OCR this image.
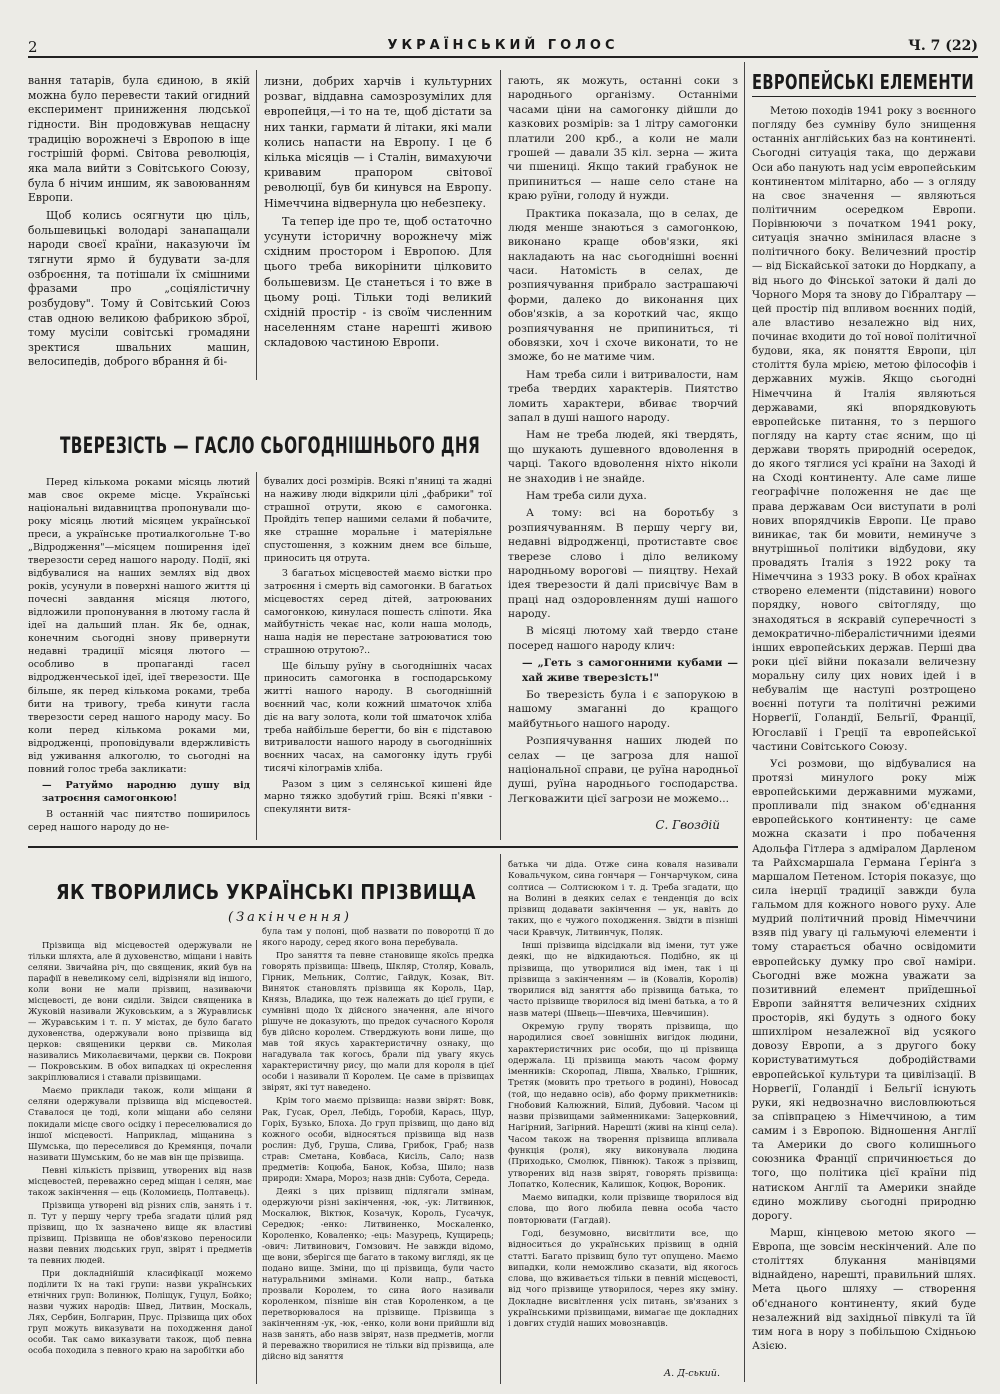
2	УКРАЇНСЬКИЙ ГОЛОС	Ч. 7 (22)

вання татарів, була єдиною, в якій можна було перевести такий огидний експеримент приниження людської гідности. Він продовжував нещасну традицію ворожнечі з Европою в іще гострішій формі. Світова революція, яка мала вийти з Совітського Союзу, була б нічим иншим, як завоюванням Европи.

Щоб колись осягнути цю ціль, большевицькі володарі занапащали народи своєї країни, наказуючи їм тягнути ярмо й будувати за-для озброєння, та потішали їх смішними фразами про „соціялістичну розбудову". Тому й Совітський Союз став одною великою фабрикою зброї, тому мусіли совітські громадяни зректися швальних машин, велосипедів, доброго вбрання й бі-

лизни, добрих харчів і культурних розваг, віддавна самозрозумілих для европейця,—і то на те, щоб дістати за них танки, гармати й літаки, які мали колись напасти на Европу. І це б кілька місяців — і Сталін, вимахуючи кривавим прапором світової революції, був би кинувся на Европу. Німеччина відвернула цю небезпеку.

Та тепер іде про те, щоб остаточно усунути історичну ворожнечу між східним простором і Европою. Для цього треба викорінити цілковито большевизм. Це станеться і то вже в цьому році. Тільки тоді великий східній простір - із своїм численним населенням стане нарешті живою складовою частиною Европи.

ТВЕРЕЗІСТЬ — ГАСЛО СЬОГОДНІШНЬОГО ДНЯ

Перед кількома роками місяць лютий мав своє окреме місце. Українські національні видавництва пропонували що-року місяць лютий місяцем української преси, а українське протиалкогольне Т-во „Відродження"—місяцем поширення ідеї тверезости серед нашого народу. Події, які відбувалися на наших землях від двох років, усунули в поверхні нашого життя ці почесні завдання місяця лютого, відложили пропонування в лютому гасла й ідеї на дальший план. Як бе, однак, конечним сьогодні знову привернути недавні традиції місяця лютого — особливо в пропаганді гасел відродженчеської ідеї, ідеї тверезости. Ще більше, як перед кількома роками, треба бити на тривогу, треба кинути гасла тверезости серед нашого народу масу. Бо коли перед кількома роками ми, відродженці, проповідували вдержливість від уживання алкоголю, то сьогодні на повний голос треба закликати:

— Ратуймо народню душу від затроєння самогонкою!

В останній час пиятство поширилось серед нашого народу до не-

бувалих досі розмірів. Всякі п'яниці та жадні на наживу люди відкрили цілі „фабрики" тої страшної отрути, якою є самогонка. Пройдіть тепер нашими селами й побачите, яке страшне моральне і матеріяльне спустошення, з кожним днем все більше, приносить ця отрута.

З багатьох місцевостей маємо вістки про затроєння і смерть від самогонки. В багатьох місцевостях серед дітей, затроюваних самогонкою, кинулася пошесть сліпоти. Яка майбутність чекає нас, коли наша молодь, наша надія не перестане затроюватися тою страшною отрутою?..

Ще більшу руїну в сьогоднішніх часах приносить самогонка в господарському житті нашого народу. В сьогоднішній воєнний час, коли кожний шматочок хліба діє на вагу золота, коли той шматочок хліба треба найбільше берегти, бо він є підставою витривалости нашого народу в сьогоднішніх воєнних часах, на самогонку ідуть грубі тисячі кілограмів хліба.

Разом з цим з селянської кишені йде марно тяжко здобутий гріш. Всякі п'явки - спекулянти витя-

гають, як можуть, останні соки з народнього організму. Останніми часами ціни на самогонку дійшли до казкових розмірів: за 1 літру самогонки платили 200 крб., а коли не мали грошей — давали 35 кіл. зерна — жита чи пшениці. Якщо такий грабунок не припиниться — наше село стане на краю руїни, голоду й нужди.

Практика показала, що в селах, де людя менше знаються з самогонкою, виконано краще обов'язки, які накладають на нас сьогоднішні воєнні часи. Натомість в селах, де розпиячування прибрало застрашаючі форми, далеко до виконання цих обов'язків, а за короткий час, якщо розпиячування не припиниться, ті обовязки, хоч і схоче виконати, то не зможе, бо не матиме чим.

Нам треба сили і витривалости, нам треба твердих характерів. Пиятство ломить характери, вбиває творчий запал в душі нашого народу.

Нам не треба людей, які твердять, що шукають душевного вдоволення в чарці. Такого вдоволення ніхто ніколи не знаходив і не знайде.

Нам треба сили духа.

А тому: всі на боротьбу з розпиячуванням. В першу чергу ви, недавні відродженці, протиставте своє тверезе слово і діло великому народньому ворогові — пияцтву. Нехай ідея тверезости й далі присвічує Вам в праці над оздоровленням душі нашого народу.

В місяці лютому хай твердо стане посеред нашого народу клич:

— „Геть з самогонними кубами — хай живе тверезість!"

Бо тверезість була і є запорукою в нашому змаганні до кращого майбутнього нашого народу.

Розпиячування наших людей по селах — це загроза для нашої національної справи, це руїна народньої душі, руїна народнього господарства. Легковажити цієї загрози не можемо...

С. Гвоздій
ЕВРОПЕЙСЬКІ ЕЛЕМЕНТИ

Метою походів 1941 року з воєнного погляду без сумніву було знищення останніх англійських баз на континенті. Сьогодні ситуація така, що держави Оси або панують над усім европейським континентом мілітарно, або — з огляду на своє значення — являються політичним осередком Европи. Порівнюючи з початком 1941 року, ситуація значно змінилася власне з політичного боку. Величезний простір — від Біскайської затоки до Нордкапу, а від нього до Фінської затоки й далі до Чорного Моря та знову до Гібралтару — цей простір під впливом воєнних подій, але властиво незалежно від них, починає входити до тої нової політичної будови, яка, як поняття Европи, ціл століття була мрією, метою філософів і державних мужів. Якщо сьогодні Німеччина й Італія являються державами, які впорядковують европейське питання, то з першого погляду на карту стає ясним, що ці держави творять природній осередок, до якого тяглися усі країни на Заході й на Сході континенту. Але саме лише географічне положення не дає ще права державам Оси виступати в ролі нових впорядчиків Европи. Це право виникає, так би мовити, неминуче з внутрішньої політики відбудови, яку провадять Італія з 1922 року та Німеччина з 1933 року. В обох країнах створено елементи (підставини) нового порядку, нового світогляду, що знаходяться в яскравій суперечності з демократично-лібералістичними ідеями інших европейських держав. Перші два роки цієї війни показали величезну моральну силу цих нових ідей і в небувалім ще наступі розтрощено воєнні потуги та політичні режими Норвеґії, Голандії, Бельгії, Франції, Югославії і Греції та европейської частини Совітського Союзу.

Усі розмови, що відбувалися на протязі минулого року між европейськими державними мужами, пропливали під знаком об'єднання европейського континенту: це саме можна сказати і про побачення Адольфа Гітлера з адміралом Дарленом та Райхсмаршала Германа Ґерінґа з маршалом Петеном. Історія показує, що сила інерції традиції завжди була гальмом для кожного нового руху. Але мудрий політичний провід Німеччини взяв під увагу ці гальмуючі елементи і тому старається обачно освідомити европейську думку про свої наміри. Сьогодні вже можна уважати за позитивний елемент приїдешньої Европи зайняття величезних східних просторів, які будуть з одного боку шпихліром незалежної від усякого довозу Европи, а з другого боку користуватимуться добродійствами европейської культури та цивілізації. В Норвеґії, Голандії і Бельгії існують руки, які недвозначно висловлюються за співпрацею з Німеччиною, а тим самим і з Европою. Відношення Англії та Америки до свого колишнього союзника Франції спричинюється до того, що політика цієї країни під натиском Англії та Америки знайде єдино можливу сьогодні природню дорогу.

Марш, кінцевою метою якого — Европа, ще зовсім нескінчений. Але по століттях блукання манівцями віднайдено, нарешті, правильний шлях. Мета цього шляху — створення об'єднаного континенту, який буде незалежний від західньої півкулі та їй тим нога в нору з побільшою Східньою Азією.

ЯК ТВОРИЛИСЬ УКРАЇНСЬКІ ПРІЗВИЩА
(Закінчення)

Прізвища від місцевостей одержували не тільки шляхта, але й духовенство, міщани і навіть селяни. Звичайна річ, що священик, який був на парафії в невеликому селі, відрізняли від іншого, коли вони не мали прізвищ, називаючи місцевості, де вони сиділи. Звідси священика в Жуковій називали Жуковським, а з Журавлиськ — Журавським і т. п. У містах, де було багато духовенства, одержували воно прізвища від церков: священики церкви св. Миколая називались Миколаєвичами, церкви св. Покрови — Покровським. В обох випадках ці окреслення закріплювалися і ставали прізвищами.

Маємо приклади також, коли міщани й селяни одержували прізвища від місцевостей. Ставалося це тоді, коли міщани або селяни покидали місце свого осідку і переселювалися до іншої місцевості. Наприклад, міщанина з Шумська, що переселився до Кремянця, почали називати Шумським, бо не мав він ще прізвища.

Певні кількість прізвищ, утворених від назв місцевостей, переважно серед міщан і селян, має також закінчення — ець (Коломиєць, Полтавець).

Прізвища утворені від різних слів, занять і т. п. Тут у першу чергу треба згадати цілий ряд прізвищ, що їх зазначено вище як властиві прізвищ. Прізвища не обов'язково переносили назви певних людських груп, звірят і предметів та певних людей.

При докладнійшій класифікації можемо поділити їх на такі групи: назви українських етнічних груп: Волинюк, Поліщук, Гуцул, Бойко; назви чужих народів: Швед, Литвин, Москаль, Лях, Сербин, Болгарин, Прус. Прізвища цих обох груп можуть виказувати на походження даної особи. Так само виказувати також, щоб певна особа походила з певного краю на заробітки або

була там у полоні, щоб назвати по поворотці її до якого народу, серед якого вона перебувала.

Про заняття та певне становище якоїсь предка говорять прізвища: Швець, Шкляр, Столяр, Коваль, Гірник, Мельник, Солтис, Гайдук, Козак, Віт. Виняток становлять прізвища як Король, Цар, Князь, Владика, що теж належать до цієї групи, є сумнівні щодо їх дійсного значення, але нічого рішуче не доказують, що предок сучасного Короля був дійсно королем. Стверджують вони лише, що мав той якусь характеристичну ознаку, що нагадувала так когось, брали під увагу якусь характеристичну рису, що мали для короля в цієї особи і називали її Королем. Це саме в прізвищах звірят, які тут наведено.

Крім того маємо прізвища: назви звірят: Вовк, Рак, Гусак, Орел, Лебідь, Горобій, Карась, Щур, Горіх, Бузько, Блоха. До груп прізвищ, що дано від кожного особи, відносяться прізвища від назв рослин: Дуб, Груша, Слива, Грибок, Граб; назв страв: Сметана, Ковбаса, Кисіль, Салo; назв предметів: Коцюба, Банок, Кобза, Шило; назв природи: Хмара, Мороз; назв днів: Субота, Середа.

Деякі з цих прізвищ підлягали змінам, одержуючи різні закінчення, -юк, -ук: Литвинюк, Москалюк, Віктюк, Козачук, Король, Гусачук, Середюк; -енко: Литвиненко, Москаленко, Короленко, Коваленко; -ець: Мазурець, Кущирець; -ович: Литвинович, Гомзович. Не завжди відомо, ще вони, зберігся ще багато в такому вигляді, як це подано вище. Зміни, що ці прізвища, були часто натуральними змінами. Коли напр., батька прозвали Королем, то сина його називали короленком, пізніше він став Короленком, а це перетворювалося на прізвище. Прізвища з закінченням -ук, -юк, -енко, коли вони прийшли від назв занять, або назв звірят, назв предметів, могли й переважно творилися не тільки від прізвища, але дійсно від заняття

батька чи діда. Отже сина коваля називали Ковальчуком, сина гончаря — Гончарчуком, сина солтиса — Солтисюком і т. д. Треба згадати, що на Волині в деяких селах є тенденція до всіх прізвищ додавати закінчення — ук, навіть до таких, що є чужого походження. Звідти в пізніші часи Кравчук, Литвинчук, Поляк.

Інші прізвища відсідкали від імени, тут уже деякі, що не відкидаються. Подібно, як ці прізвища, що утворилися від імен, так і ці прізвища з закінченням — ів (Ковалів, Королів) творилися від заняття або прізвища батька, то часто прізвище творилося від імені батька, а то й назв матері (Швець—Шевчиха, Шевчишин).

Окремую групу творять прізвища, що народилися своєї зовнішніх вигідок людини, характеристичних рис особи, що ці прізвища одержала. Ці прізвища мають часом форму іменників: Скоропад, Лівша, Хвалько, Грішник, Трєтяк (мовить про третього в родині), Новосад (той, що недавно осів), або форму прикметників: Гнобовий Калюжний, Білий, Дубовий. Часом ці назви прізвищами займенниками: Зацерковний, Нагірний, Загірний. Нарешті (живі на кінці села). Часом також на творення прізвища впливала функція (роля), яку виконувала людина (Приходько, Смолюк, Півнюк). Також з прізвищ, утворених від назв звірят, говорять прізвища: Лопатко, Колесник, Калишок, Коцюк, Вороник.

Маємо випадки, коли прізвище творилося від слова, що його любила певна особа часто повторювати (Гагдай).

Годі, безумовно, висвітлити все, що відноситься до українських прізвищ в одній статті. Багато прізвищ було тут опущено. Маємо випадки, коли неможливо сказати, від якогось слова, що вживається тільки в певній місцевості, від чого прізвище утворилося, через яку зміну. Докладне висвітлення усіх питань, зв'язаних з українськими прізвищами, вимагає ще докладних і довгих студій наших мовознавців.

А. Д-ський.
